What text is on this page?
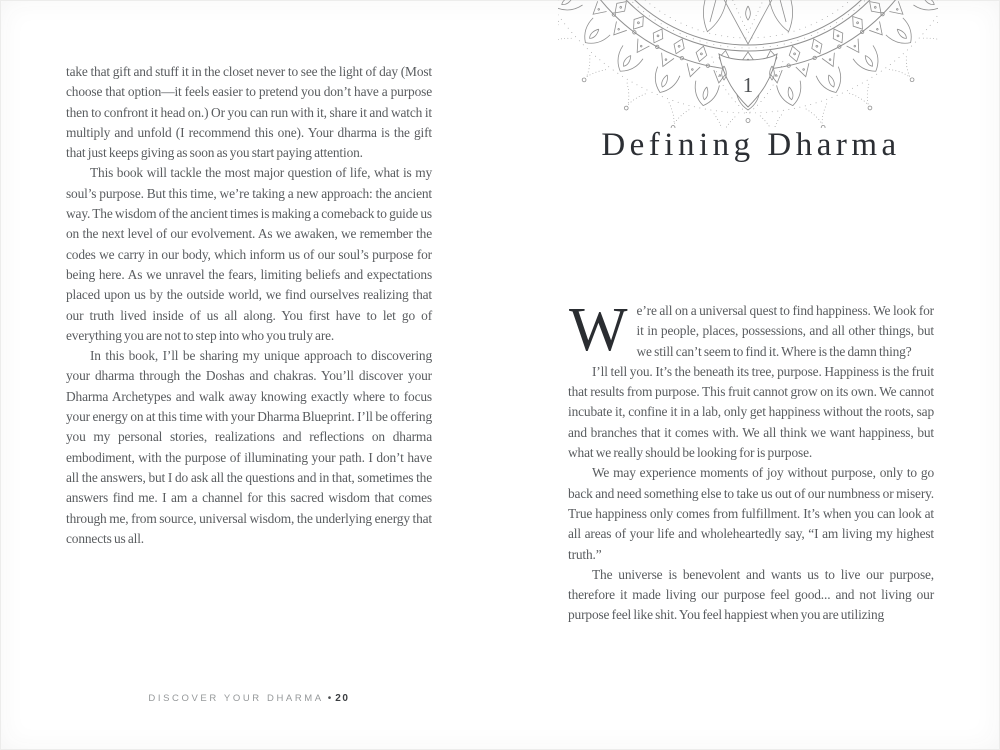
take that gift and stuff it in the closet never to see the light of day (Most choose that option—it feels easier to pretend you don’t have a purpose then to confront it head on.) Or you can run with it, share it and watch it multiply and unfold (I recommend this one). Your dharma is the gift that just keeps giving as soon as you start paying attention.

This book will tackle the most major question of life, what is my soul’s purpose. But this time, we’re taking a new approach: the ancient way. The wisdom of the ancient times is making a comeback to guide us on the next level of our evolvement. As we awaken, we remember the codes we carry in our body, which inform us of our soul’s purpose for being here. As we unravel the fears, limiting beliefs and expectations placed upon us by the outside world, we find ourselves realizing that our truth lived inside of us all along. You first have to let go of everything you are not to step into who you truly are.

In this book, I’ll be sharing my unique approach to discovering your dharma through the Doshas and chakras. You’ll discover your Dharma Archetypes and walk away knowing exactly where to focus your energy on at this time with your Dharma Blueprint. I’ll be offering you my personal stories, realizations and reflections on dharma embodiment, with the purpose of illuminating your path. I don’t have all the answers, but I do ask all the questions and in that, sometimes the answers find me. I am a channel for this sacred wisdom that comes through me, from source, universal wisdom, the underlying energy that connects us all.

DISCOVER YOUR DHARMA • 20
1
Defining Dharma

We’re all on a universal quest to find happiness. We look for it in people, places, possessions, and all other things, but we still can’t seem to find it. Where is the damn thing?

I’ll tell you. It’s the beneath its tree, purpose. Happiness is the fruit that results from purpose. This fruit cannot grow on its own. We cannot incubate it, confine it in a lab, only get happiness without the roots, sap and branches that it comes with. We all think we want happiness, but what we really should be looking for is purpose.

We may experience moments of joy without purpose, only to go back and need something else to take us out of our numbness or misery. True happiness only comes from fulfillment. It’s when you can look at all areas of your life and wholeheartedly say, “I am living my highest truth.”

The universe is benevolent and wants us to live our purpose, therefore it made living our purpose feel good... and not living our purpose feel like shit. You feel happiest when you are utilizing
